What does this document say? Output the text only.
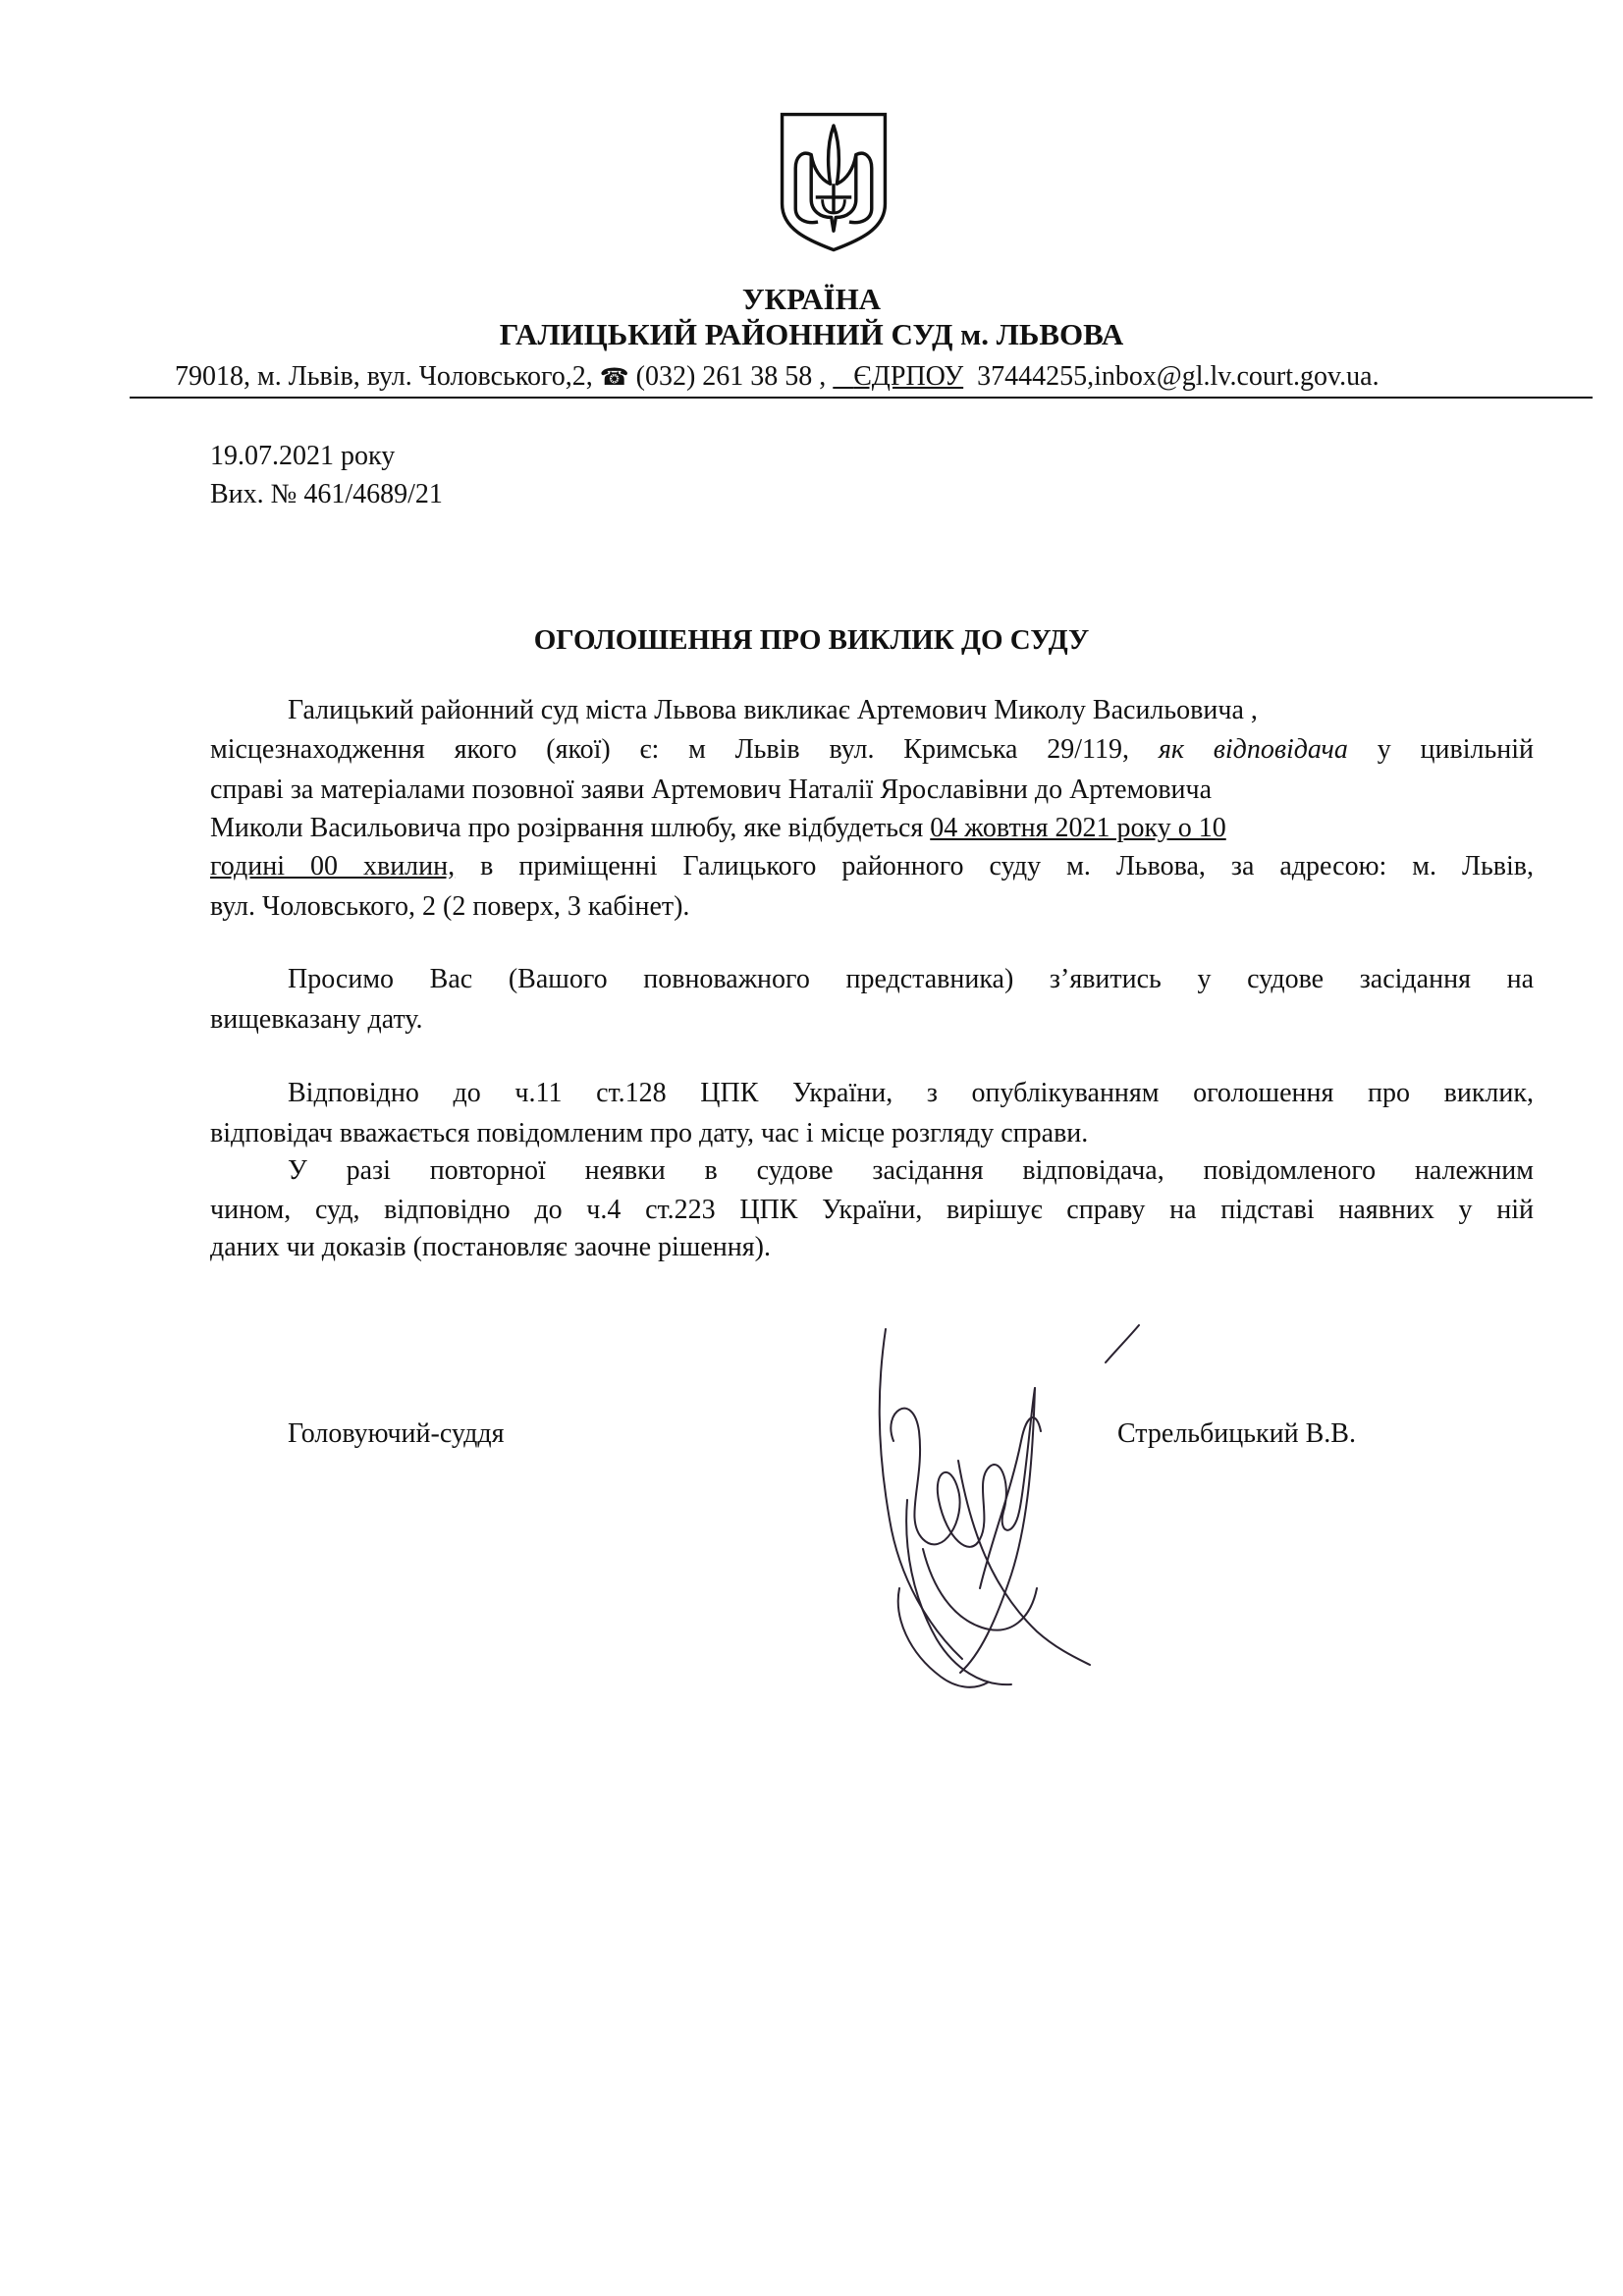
УКРАЇНА
ГАЛИЦЬКИЙ РАЙОННИЙ СУД м. ЛЬВОВА
79018, м. Львів, вул. Чоловського,2, ☎ (032) 261 38 58 , ЄДРПОУ 37444255,inbox@gl.lv.court.gov.ua.
19.07.2021 року
Вих. № 461/4689/21
ОГОЛОШЕННЯ ПРО ВИКЛИК ДО СУДУ
Галицький районний суд міста Львова викликає Артемович Миколу Васильовича ,
місцезнаходження якого (якої) є: м Львів вул. Кримська 29/119, як відповідача у цивільній
справі за матеріалами позовної заяви Артемович Наталії Ярославівни до Артемовича
Миколи Васильовича про розірвання шлюбу, яке відбудеться 04 жовтня 2021 року о 10
годині 00 хвилин, в приміщенні Галицького районного суду м. Львова, за адресою: м. Львів,
вул. Чоловського, 2 (2 поверх, 3 кабінет).
Просимо Вас (Вашого повноважного представника) з’явитись у судове засідання на
вищевказану дату.
Відповідно до ч.11 ст.128 ЦПК України, з опублікуванням оголошення про виклик,
відповідач вважається повідомленим про дату, час і місце розгляду справи.
У разі повторної неявки в судове засідання відповідача, повідомленого належним
чином, суд, відповідно до ч.4 ст.223 ЦПК України, вирішує справу на підставі наявних у ній
даних чи доказів (постановляє заочне рішення).
Головуючий-суддя	Стрельбицький В.В.
